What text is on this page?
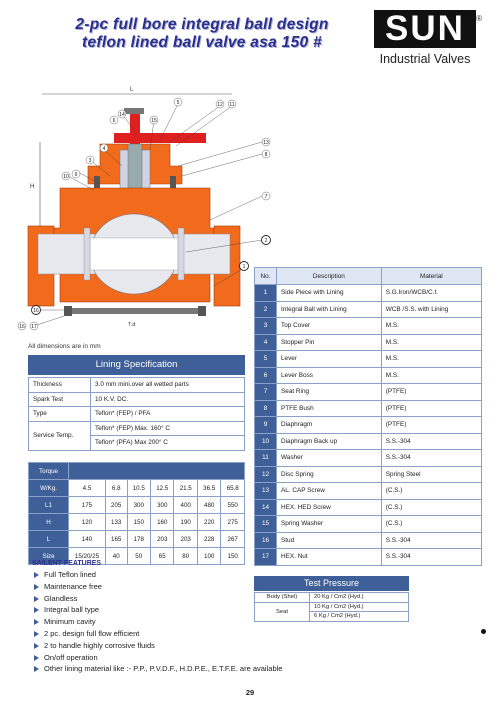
2-pc full bore integral ball design
teflon lined ball valve asa 150 #	SUN
Industrial Valves
®
L
H
T.d
14
15
6
5	12 11
13
8
7
2
1
4
3
9
10
16
16 17
No.	Description	Material
1	Side Piece with Lining	S.G.Iron/WCB/C.I.
2	Integral Ball with Lining	WCB /S.S. with Lining
3	Top Cover	M.S.
4	Stopper Pin	M.S.
5	Lever	M.S.
6	Lever Boss	M.S.
7	Seat Ring	(PTFE)
8	PTFE Bush	(PTFE)
9	Diaphragm	(PTFE)
10	Diaphragm Back up	S.S.-304
11	Washer	S.S.-304
12	Disc Spring	Spring Steel
13	AL. CAP Screw	(C.S.)
14	HEX. HED Screw	(C.S.)
15	Spring Washer	(C.S.)
16	Stud	S.S.-304
17	HEX. Nut	S.S.-304
All dimensions are in mm
Lining Specification
Thickness	3.0 mm mini.over all wetted parts
Spark Test	10 K.V. DC.
Type	Teflon* (FEP) / PFA
Service Temp.	Teflon* (FEP) Max. 160° C
	Teflon* (PFA) Max 200° C
Torque							
W/Kg.	4.5	6.8	10.5	12.5	21.5	36.5	65.8
L1	175	205	300	300	400	480	550
H	120	133	150	160	190	220	275
L	140	165	178	203	203	228	267
Size	15/20/25	40	50	65	80	100	150
SAILENT FEATURES
Full Teflon lined
Maintenance free
Glandless
Integral ball type
Minimum cavity
2 pc. design full flow efficient
2 to handle highly corrosive fluids
On/off operation
Other lining material like :- P.P., P.V.D.F., H.D.P.E., E.T.F.E. are available
Test Pressure
Body (Shel)	20 Kg / Cm2 (Hyd.)
Seat	10 Kg / Cm2 (Hyd.)
	6 Kg / Cm2 (Hyd.)
29
